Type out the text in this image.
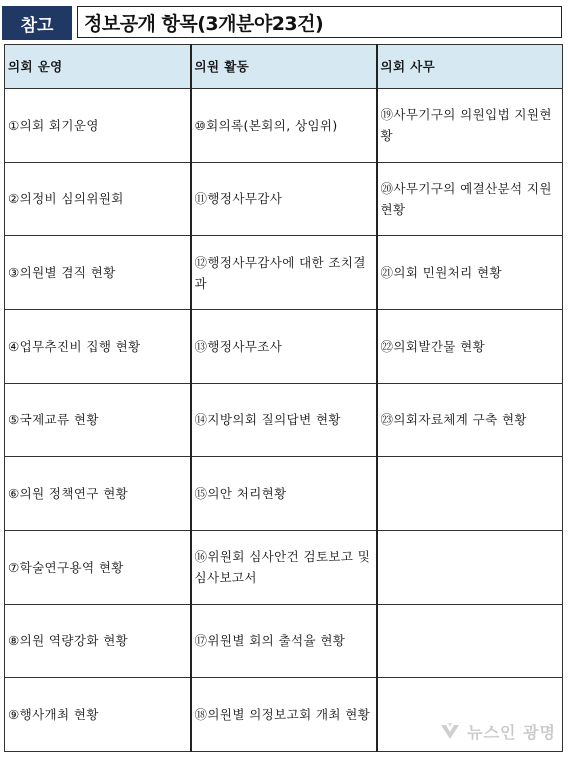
참고	정보공개 항목(3개분야23건)
의회 운영	의원 활동	의회 사무
①의회 회기운영	⑩회의록(본회의, 상임위)	⑲사무기구의 의원입법 지원현황
②의정비 심의위원회	⑪행정사무감사	⑳사무기구의 예결산분석 지원현황
③의원별 겸직 현황	⑫행정사무감사에 대한 조치결과	㉑의회 민원처리 현황
④업무추진비 집행 현황	⑬행정사무조사	㉒의회발간물 현황
⑤국제교류 현황	⑭지방의회 질의답변 현황	㉓의회자료체계 구축 현황
⑥의원 정책연구 현황	⑮의안 처리현황	
⑦학술연구용역 현황	⑯위원회 심사안건 검토보고 및 심사보고서	
⑧의원 역량강화 현황	⑰위원별 회의 출석율 현황	
⑨행사개최 현황	⑱의원별 의정보고회 개최 현황	
뉴스인 광명
